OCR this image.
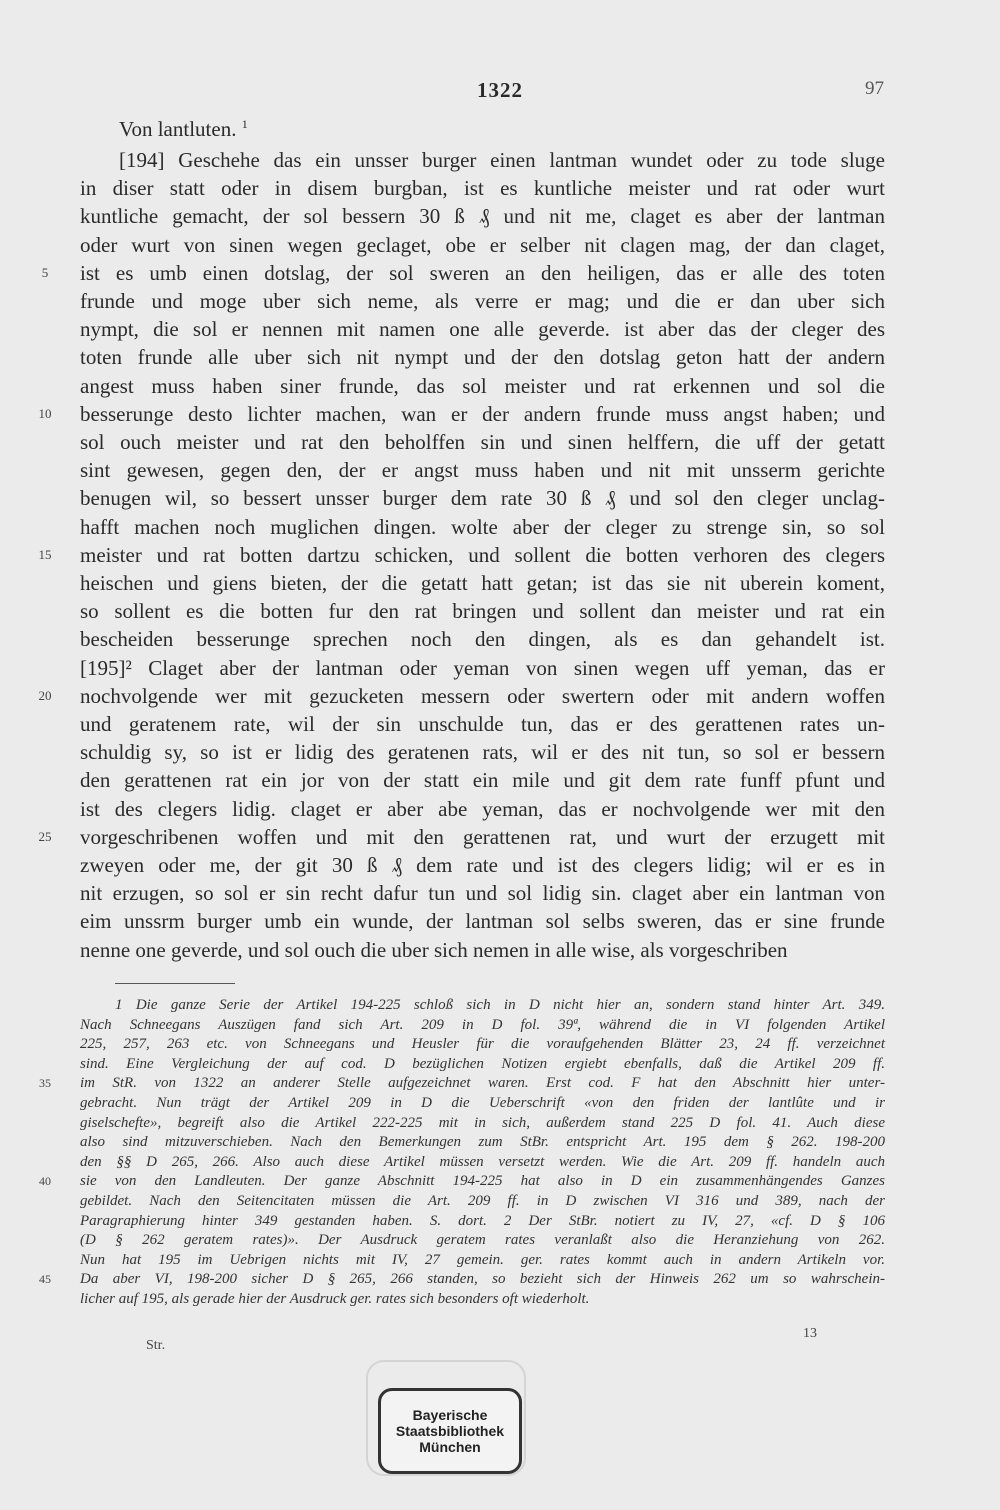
1322	97
Von lantluten. $^1$
[194] Geschehe das ein unsser burger einen lantman wundet oder zu tode sluge
in diser statt oder in disem burgban, ist es kuntliche meister und rat oder wurt
kuntliche gemacht, der sol bessern 30 ß ₰ und nit me, claget es aber der lantman
oder wurt von sinen wegen geclaget, obe er selber nit clagen mag, der dan claget,
ist es umb einen dotslag, der sol sweren an den heiligen, das er alle des toten
5
frunde und moge uber sich neme, als verre er mag; und die er dan uber sich
nympt, die sol er nennen mit namen one alle geverde. ist aber das der cleger des
toten frunde alle uber sich nit nympt und der den dotslag geton hatt der andern
angest muss haben siner frunde, das sol meister und rat erkennen und sol die
besserunge desto lichter machen, wan er der andern frunde muss angst haben; und
10
sol ouch meister und rat den beholffen sin und sinen helffern, die uff der getatt
sint gewesen, gegen den, der er angst muss haben und nit mit unsserm gerichte
benugen wil, so bessert unsser burger dem rate 30 ß ₰ und sol den cleger unclag-
hafft machen noch muglichen dingen. wolte aber der cleger zu strenge sin, so sol
meister und rat botten dartzu schicken, und sollent die botten verhoren des clegers
15
heischen und giens bieten, der die getatt hatt getan; ist das sie nit uberein koment,
so sollent es die botten fur den rat bringen und sollent dan meister und rat ein
bescheiden besserunge sprechen noch den dingen, als es dan gehandelt ist.
[195]² Claget aber der lantman oder yeman von sinen wegen uff yeman, das er
nochvolgende wer mit gezucketen messern oder swertern oder mit andern woffen
20
und geratenem rate, wil der sin unschulde tun, das er des gerattenen rates un-
schuldig sy, so ist er lidig des geratenen rats, wil er des nit tun, so sol er bessern
den gerattenen rat ein jor von der statt ein mile und git dem rate funff pfunt und
ist des clegers lidig. claget er aber abe yeman, das er nochvolgende wer mit den
vorgeschribenen woffen und mit den gerattenen rat, und wurt der erzugett mit
25
zweyen oder me, der git 30 ß ₰ dem rate und ist des clegers lidig; wil er es in
nit erzugen, so sol er sin recht dafur tun und sol lidig sin. claget aber ein lantman von
eim unssrm burger umb ein wunde, der lantman sol selbs sweren, das er sine frunde
nenne one geverde, und sol ouch die uber sich nemen in alle wise, als vorgeschriben
1 Die ganze Serie der Artikel 194-225 schloß sich in D nicht hier an, sondern stand hinter Art. 349.
Nach Schneegans Auszügen fand sich Art. 209 in D fol. 39ª, während die in VI folgenden Artikel
225, 257, 263 etc. von Schneegans und Heusler für die voraufgehenden Blätter 23, 24 ff. verzeichnet
sind. Eine Vergleichung der auf cod. D bezüglichen Notizen ergiebt ebenfalls, daß die Artikel 209 ff.
im StR. von 1322 an anderer Stelle aufgezeichnet waren. Erst cod. F hat den Abschnitt hier unter-
35
gebracht. Nun trägt der Artikel 209 in D die Ueberschrift «von den friden der lantlûte und ir
giselschefte», begreift also die Artikel 222-225 mit in sich, außerdem stand 225 D fol. 41. Auch diese
also sind mitzuverschieben. Nach den Bemerkungen zum StBr. entspricht Art. 195 dem § 262. 198-200
den §§ D 265, 266. Also auch diese Artikel müssen versetzt werden. Wie die Art. 209 ff. handeln auch
sie von den Landleuten. Der ganze Abschnitt 194-225 hat also in D ein zusammenhängendes Ganzes
40
gebildet. Nach den Seitencitaten müssen die Art. 209 ff. in D zwischen VI 316 und 389, nach der
Paragraphierung hinter 349 gestanden haben. S. dort. 2 Der StBr. notiert zu IV, 27, «cf. D § 106
(D § 262 geratem rates)». Der Ausdruck geratem rates veranlaßt also die Heranziehung von 262.
Nun hat 195 im Uebrigen nichts mit IV, 27 gemein. ger. rates kommt auch in andern Artikeln vor.
Da aber VI, 198-200 sicher D § 265, 266 standen, so bezieht sich der Hinweis 262 um so wahrschein-
45
licher auf 195, als gerade hier der Ausdruck ger. rates sich besonders oft wiederholt.
Str.
13
Bayerische
Staatsbibliothek
München
